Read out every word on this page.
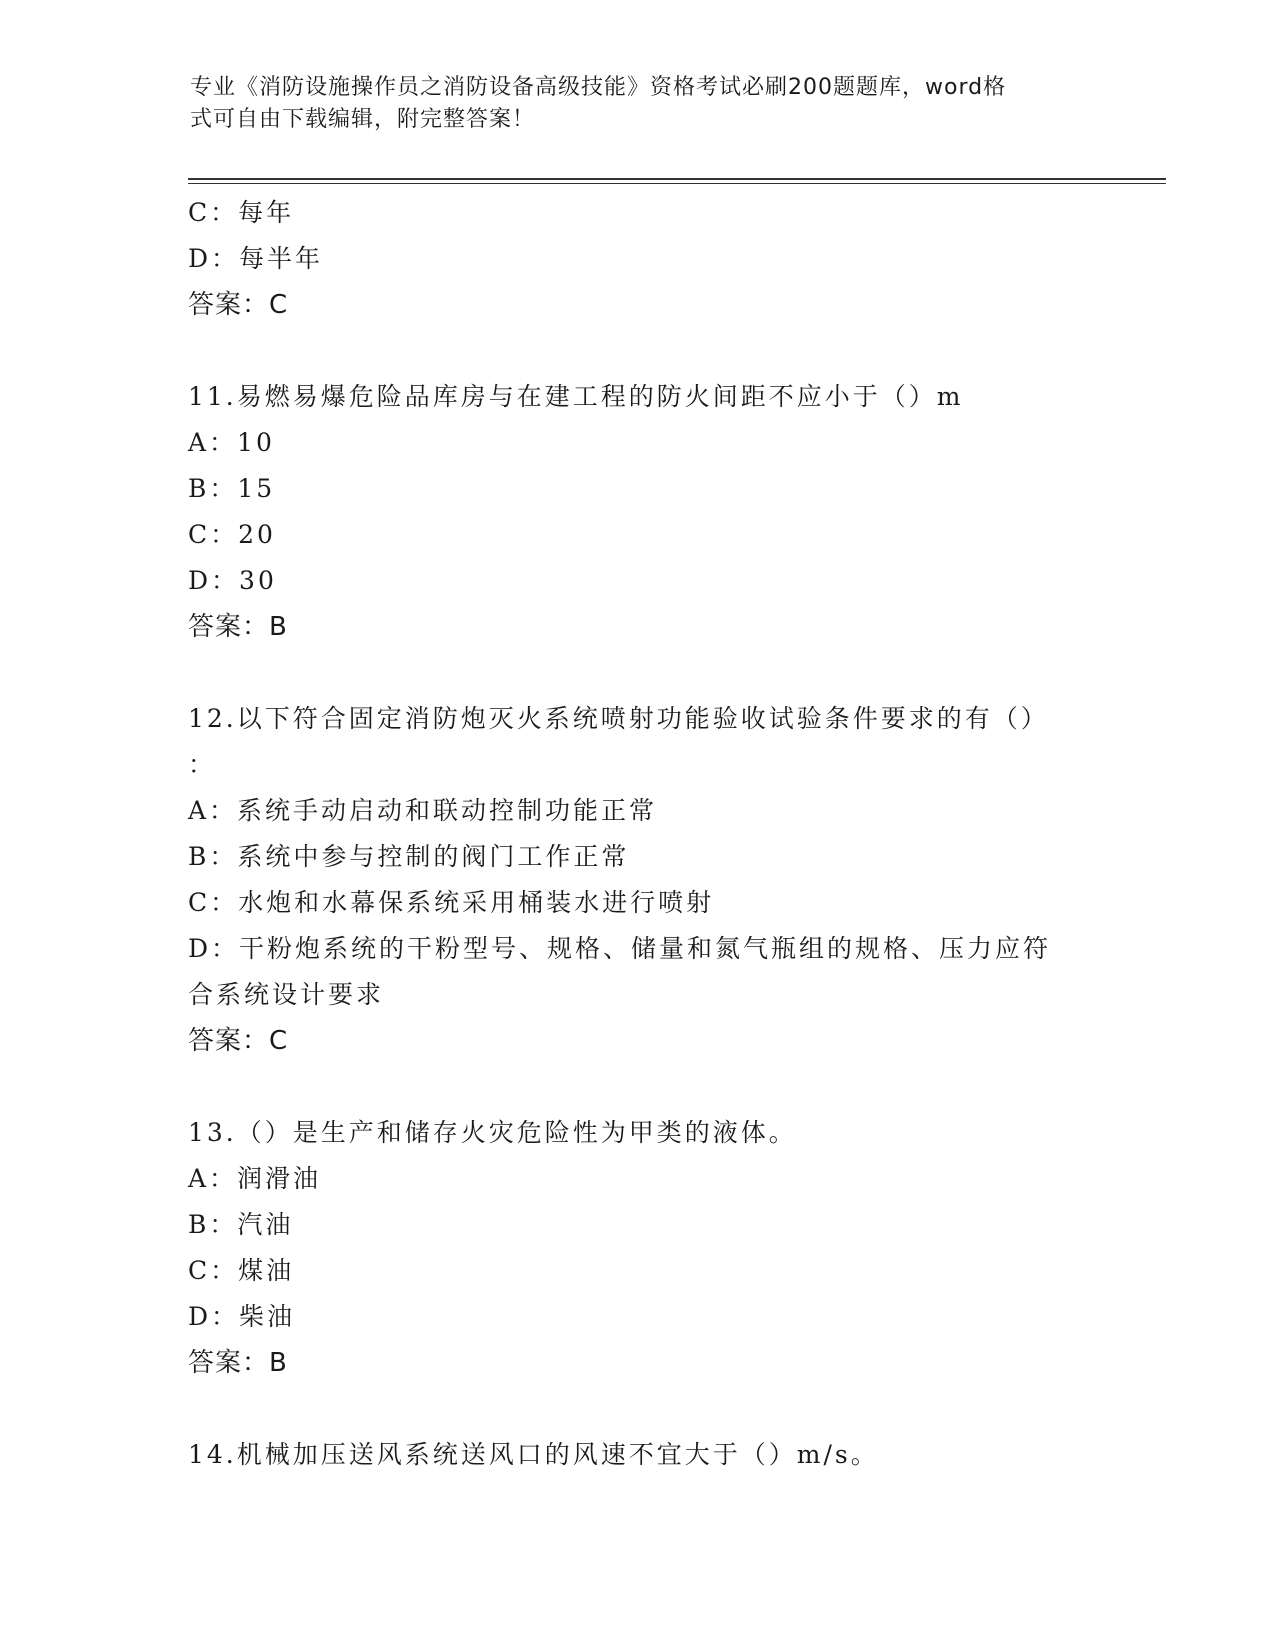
专业《消防设施操作员之消防设备高级技能》资格考试必刷200题题库，word格
式可自由下载编辑，附完整答案！
C：每年
D：每半年
答案：C
11.易燃易爆危险品库房与在建工程的防火间距不应小于（）m
A：10
B：15
C：20
D：30
答案：B
12.以下符合固定消防炮灭火系统喷射功能验收试验条件要求的有（）
：
A：系统手动启动和联动控制功能正常
B：系统中参与控制的阀门工作正常
C：水炮和水幕保系统采用桶装水进行喷射
D：干粉炮系统的干粉型号、规格、储量和氮气瓶组的规格、压力应符
合系统设计要求
答案：C
13.（）是生产和储存火灾危险性为甲类的液体。
A：润滑油
B：汽油
C：煤油
D：柴油
答案：B
14.机械加压送风系统送风口的风速不宜大于（）m/s。
